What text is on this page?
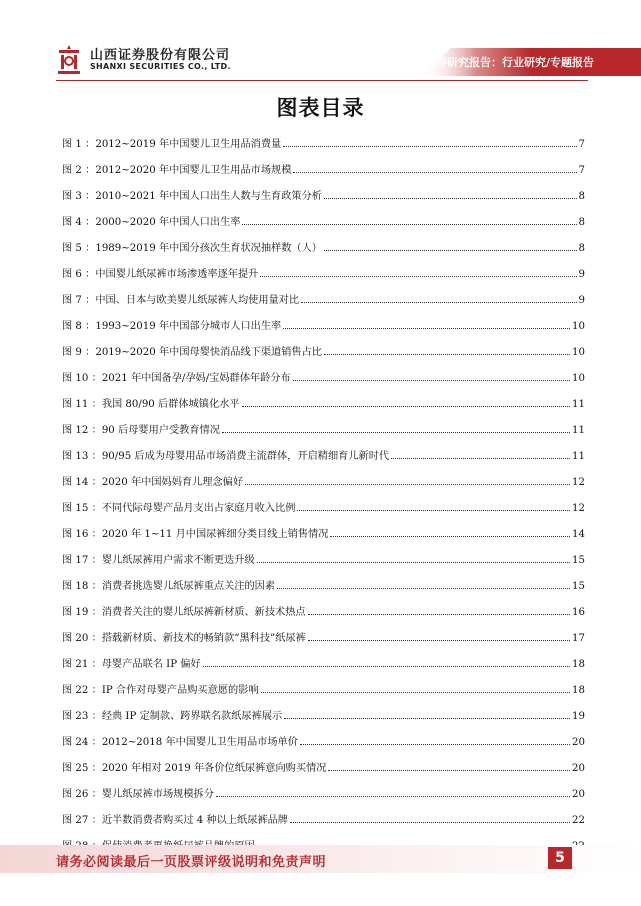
山西证券股份有限公司
SHANXI SECURITIES CO., LTD.	证券研究报告：行业研究/专题报告
图表目录
图 1 ：2012~2019 年中国婴儿卫生用品消费量	7
图 2 ：2012~2020 年中国婴儿卫生用品市场规模	7
图 3 ：2010~2021 年中国人口出生人数与生育政策分析	8
图 4 ：2000~2020 年中国人口出生率	8
图 5 ：1989~2019 年中国分孩次生育状况抽样数（人）	8
图 6 ：中国婴儿纸尿裤市场渗透率逐年提升	9
图 7 ：中国、日本与欧美婴儿纸尿裤人均使用量对比	9
图 8 ：1993~2019 年中国部分城市人口出生率	10
图 9 ：2019~2020 年中国母婴快消品线下渠道销售占比	10
图 10 ：2021 年中国备孕/孕妈/宝妈群体年龄分布	10
图 11 ：我国 80/90 后群体城镇化水平	11
图 12 ：90 后母婴用户受教育情况	11
图 13 ：90/95 后成为母婴用品市场消费主流群体，开启精细育儿新时代	11
图 14 ：2020 年中国妈妈育儿理念偏好	12
图 15 ：不同代际母婴产品月支出占家庭月收入比例	12
图 16 ：2020 年 1~11 月中国尿裤细分类目线上销售情况	14
图 17 ：婴儿纸尿裤用户需求不断更迭升级	15
图 18 ：消费者挑选婴儿纸尿裤重点关注的因素	15
图 19 ：消费者关注的婴儿纸尿裤新材质、新技术热点	16
图 20 ：搭载新材质、新技术的畅销款“黑科技”纸尿裤	17
图 21 ：母婴产品联名 IP 偏好	18
图 22 ：IP 合作对母婴产品购买意愿的影响	18
图 23 ：经典 IP 定制款、跨界联名款纸尿裤展示	19
图 24 ：2012~2018 年中国婴儿卫生用品市场单价	20
图 25 ：2020 年相对 2019 年各价位纸尿裤意向购买情况	20
图 26 ：婴儿纸尿裤市场规模拆分	20
图 27 ：近半数消费者购买过 4 种以上纸尿裤品牌	22
请务必阅读最后一页股票评级说明和免责声明	5
